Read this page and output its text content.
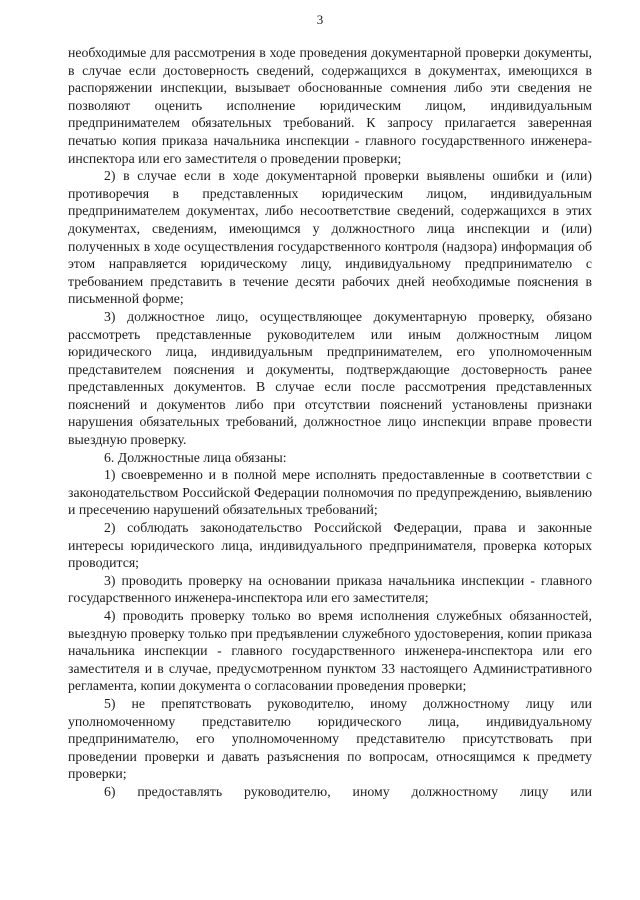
3

необходимые для рассмотрения в ходе проведения документарной проверки документы, в случае если достоверность сведений, содержащихся в документах, имеющихся в распоряжении инспекции, вызывает обоснованные сомнения либо эти сведения не позволяют оценить исполнение юридическим лицом, индивидуальным предпринимателем обязательных требований. К запросу прилагается заверенная печатью копия приказа начальника инспекции - главного государственного инженера-инспектора или его заместителя о проведении проверки;

2) в случае если в ходе документарной проверки выявлены ошибки и (или) противоречия в представленных юридическим лицом, индивидуальным предпринимателем документах, либо несоответствие сведений, содержащихся в этих документах, сведениям, имеющимся у должностного лица инспекции и (или) полученных в ходе осуществления государственного контроля (надзора) информация об этом направляется юридическому лицу, индивидуальному предпринимателю с требованием представить в течение десяти рабочих дней необходимые пояснения в письменной форме;

3) должностное лицо, осуществляющее документарную проверку, обязано рассмотреть представленные руководителем или иным должностным лицом юридического лица, индивидуальным предпринимателем, его уполномоченным представителем пояснения и документы, подтверждающие достоверность ранее представленных документов. В случае если после рассмотрения представленных пояснений и документов либо при отсутствии пояснений установлены признаки нарушения обязательных требований, должностное лицо инспекции вправе провести выездную проверку.

6. Должностные лица обязаны:

1) своевременно и в полной мере исполнять предоставленные в соответствии с законодательством Российской Федерации полномочия по предупреждению, выявлению и пресечению нарушений обязательных требований;

2) соблюдать законодательство Российской Федерации, права и законные интересы юридического лица, индивидуального предпринимателя, проверка которых проводится;

3) проводить проверку на основании приказа начальника инспекции - главного государственного инженера-инспектора или его заместителя;

4) проводить проверку только во время исполнения служебных обязанностей, выездную проверку только при предъявлении служебного удостоверения, копии приказа начальника инспекции - главного государственного инженера-инспектора или его заместителя и в случае, предусмотренном пунктом 33 настоящего Административного регламента, копии документа о согласовании проведения проверки;

5) не препятствовать руководителю, иному должностному лицу или уполномоченному представителю юридического лица, индивидуальному предпринимателю, его уполномоченному представителю присутствовать при проведении проверки и давать разъяснения по вопросам, относящимся к предмету проверки;

6) предоставлять руководителю, иному должностному лицу или
